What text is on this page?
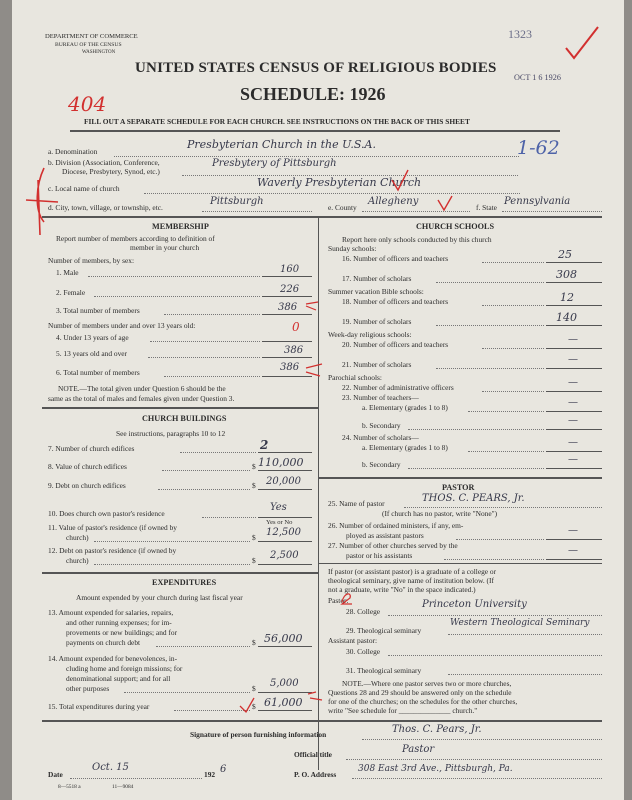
DEPARTMENT OF COMMERCE
BUREAU OF THE CENSUS
WASHINGTON
1323
UNITED STATES CENSUS OF RELIGIOUS BODIES
OCT 1 6 1926
SCHEDULE: 1926
404
FILL OUT A SEPARATE SCHEDULE FOR EACH CHURCH. SEE INSTRUCTIONS ON THE BACK OF THIS SHEET
a. Denomination
Presbyterian Church in the U.S.A.	1-62
b. Division (Association, Conference,
Diocese, Presbytery, Synod, etc.)
Presbytery of Pittsburgh
c. Local name of church	Waverly Presbyterian Church
d. City, town, village, or township, etc.
Pittsburgh
e. County
Allegheny
f. State
Pennsylvania
MEMBERSHIP
Report number of members according to definition of
member in your church
Number of members, by sex:
1. Male	160
2. Female	226
3. Total number of members	386
Number of members under and over 13 years old:
4. Under 13 years of age
0
5. 13 years old and over	386
6. Total number of members	386
NOTE.—The total given under Question 6 should be the
same as the total of males and females given under Question 3.
CHURCH BUILDINGS
See instructions, paragraphs 10 to 12
7. Number of church edifices	2
8. Value of church edifices	$ 110,000
9. Debt on church edifices	$ 20,000
10. Does church own pastor's residence
Yes
Yes or No
11. Value of pastor's residence (if owned by
church)	$ 12,500
12. Debt on pastor's residence (if owned by
church)	$ 2,500
EXPENDITURES
Amount expended by your church during last fiscal year
13. Amount expended for salaries, repairs,
and other running expenses; for im-
provements or new buildings; and for
payments on church debt	$ 56,000
14. Amount expended for benevolences, in-
cluding home and foreign missions; for
denominational support; and for all
other purposes	$ 5,000
15. Total expenditures during year	$ 61,000
CHURCH SCHOOLS
Report here only schools conducted by this church
Sunday schools:
16. Number of officers and teachers	25
17. Number of scholars	308
Summer vacation Bible schools:
18. Number of officers and teachers	12
19. Number of scholars	140
Week-day religious schools:
20. Number of officers and teachers	—
21. Number of scholars	—
Parochial schools:
22. Number of administrative officers	—
23. Number of teachers—
a. Elementary (grades 1 to 8)	—
b. Secondary	—
24. Number of scholars—
a. Elementary (grades 1 to 8)	—
b. Secondary	—
PASTOR
25. Name of pastor	THOS. C. PEARS, Jr.
(If church has no pastor, write "None")
26. Number of ordained ministers, if any, em-
ployed as assistant pastors	—
27. Number of other churches served by the
pastor or his assistants	—
If pastor (or assistant pastor) is a graduate of a college or
theological seminary, give name of institution below. (If
not a graduate, write "No" in the space indicated.)
Pastor:
28. College
Princeton University
29. Theological seminary
Western Theological Seminary
Assistant pastor:
30. College
31. Theological seminary
NOTE.—Where one pastor serves two or more churches,
Questions 28 and 29 should be answered only on the schedule
for one of the churches; on the schedules for the other churches,
write "See schedule for ______________ church."
Signature of person furnishing information	Thos. C. Pears, Jr.
Official title	Pastor
Date
Oct. 15
192 6	P. O. Address
308 East 3rd Ave., Pittsburgh, Pa.
8—5518 a	11—9084
